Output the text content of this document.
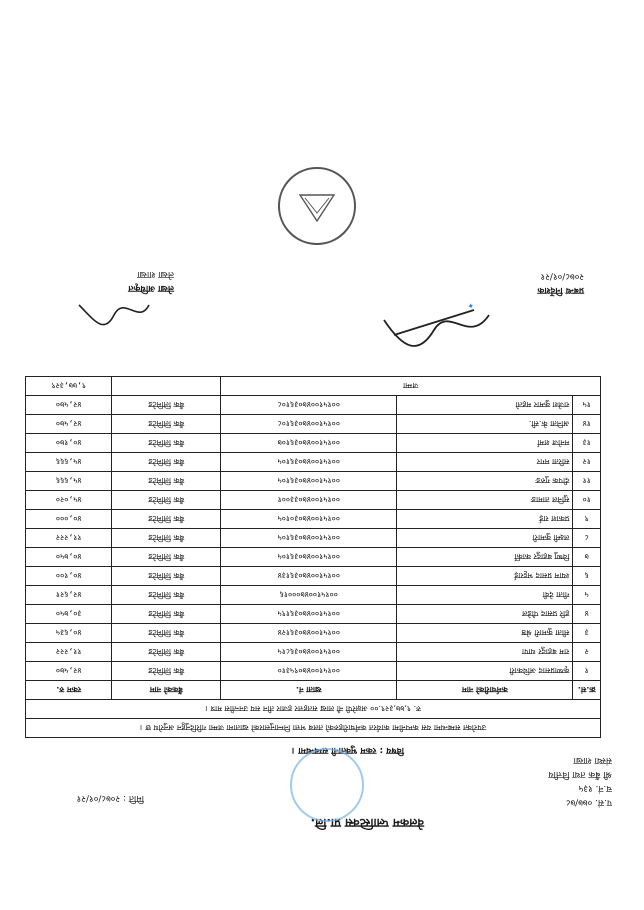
वेलकम प्लास्टिक्स प्रा.लि.
प.सं. ०७७/७८
च.नं. १३५
मिति : २०७८/०१/२१
श्री बैंक तथा वित्तीय
संस्था शाखा
विषय : रकम भुक्तानी सम्बन्धमा ।
उपरोक्त सम्बन्धमा यस कम्पनीमा कार्यरत कर्मचारीहरुको तलब भत्ता निम्नानुसारको खातामा जम्मा गरिदिनुहुन अनुरोध छ ।				
रु. ९,७७,३२९.०० अक्षरेपी नौ लाख सतहत्तर हजार तीन सय उनन्तीस मात्र ।				
क्र.सं.	कर्मचारीको नाम	खाता नं.	बैंकको नाम	रकम रु.
१	कृष्णप्रसाद अधिकारी	००१५१००४७०९५३१०	बैंक लिमिटेड	४२,५७०
२	राम बहादुर थापा	००१५१००४७०३६८१५	बैंक लिमिटेड	११,२२२
३	सीता कुमारी श्रेष्ठ	००१५१००४७०३६१२४	बैंक लिमिटेड	४०,६३५
४	हरि प्रसाद पौडेल	००१५१००४७०३६१९५	बैंक लिमिटेड	३०,७५०
५	गीता देवी	००१५१००४७०००१६	बैंक लिमिटेड	४२,६२१
६	श्याम प्रसाद भट्टराई	००१५१००४७०३६१३४	बैंक लिमिटेड	४०,१००
७	विष्णु बहादुर कार्की	००१५१००४७०३६१०५	बैंक लिमिटेड	४०,७५०
८	लक्ष्मी कुमारी	००१५१००४७०३६१०५	बैंक लिमिटेड	११,२२२
९	प्रकाश राई	००१५१००४७०३०१०५	बैंक लिमिटेड	४०,०००
१०	सुनिल तामाङ	००१५१००४७०३३००१	बैंक लिमिटेड	४५,०२०
११	दीपक गुरुङ	००१५१००४७०३६१०५	बैंक लिमिटेड	४५,६६६
१२	सरिता मगर	००१५१००४७०३६१०५	बैंक लिमिटेड	४५,६६६
१३	मनोज शर्मा	००१५१००४७०३६१०७	बैंक लिमिटेड	४०,१७०
१४	अनिता के.सी.	००१५१००४७०३६१०८	बैंक लिमिटेड	४२,५७०
१५	राजेश कुमार महतो	००१५१००४७०३६१०८	बैंक लिमिटेड	४२,५७०
जम्मा				९,७७,३२९
प्रबन्ध निर्देशक
२०७८/०१/२१
लेखा अधिकृत
लेखा शाखा
✦
